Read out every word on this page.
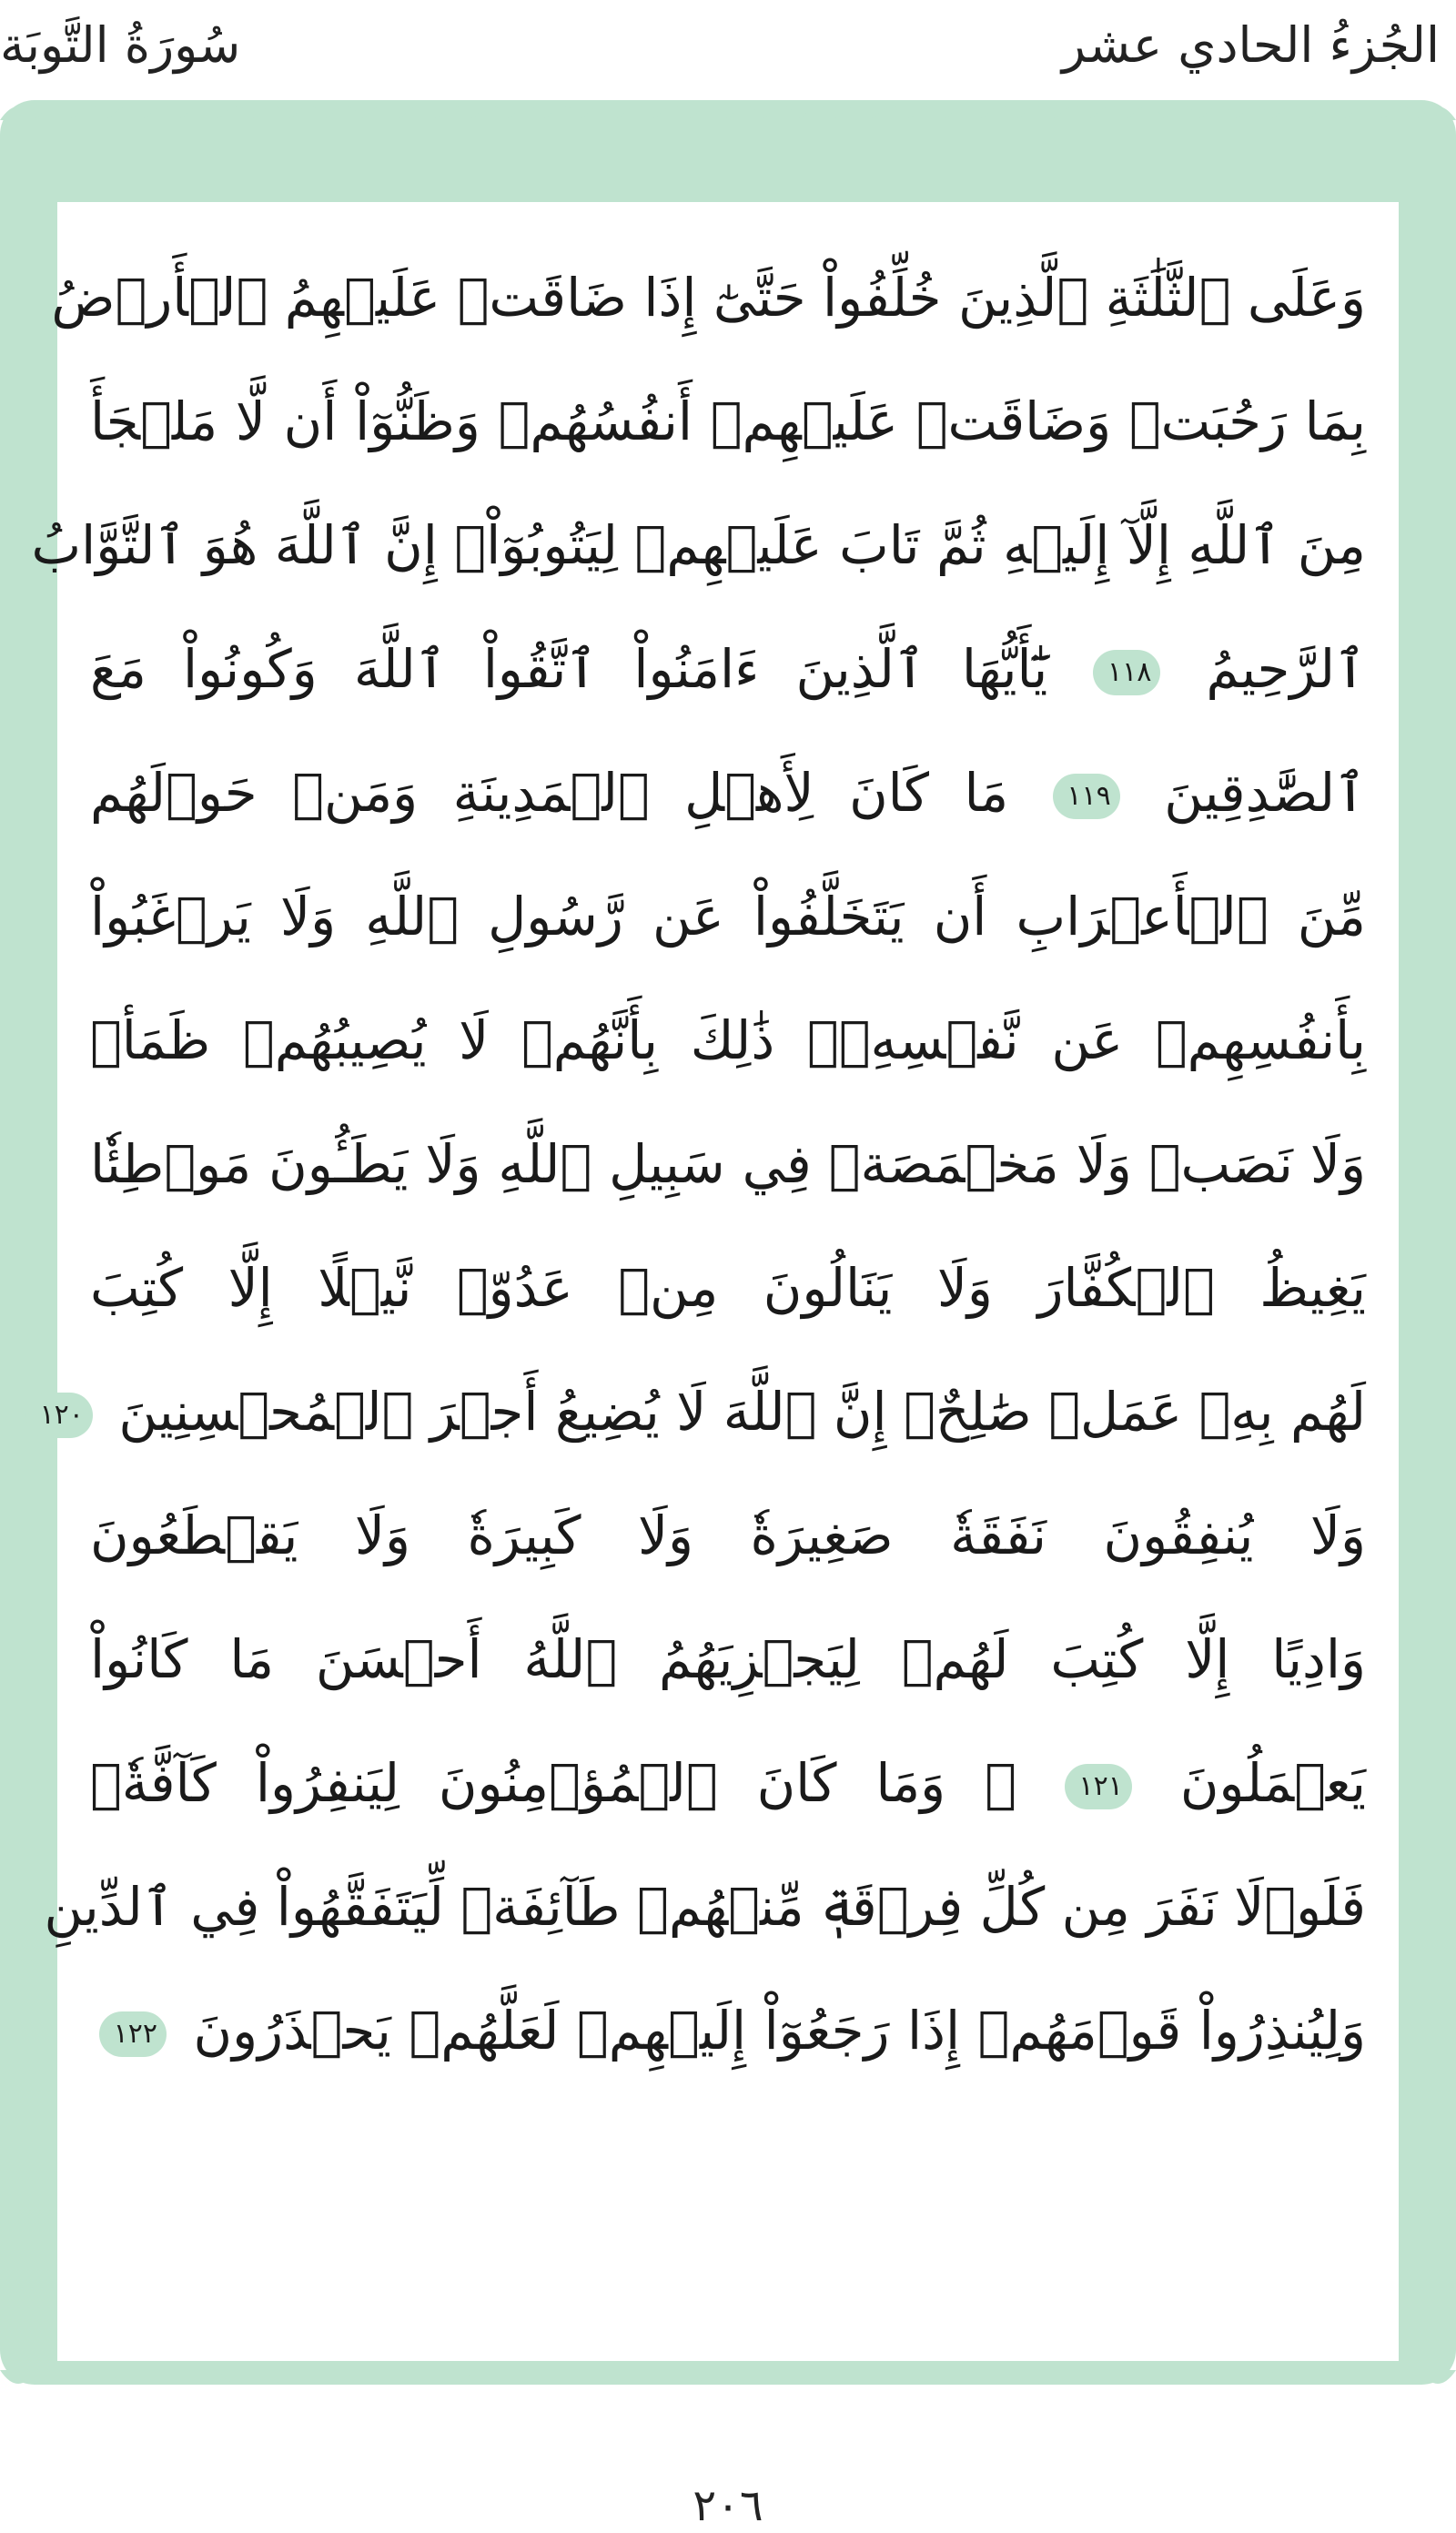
الجُزءُ الحادي عشر
سُورَةُ التَّوبَة
وَعَلَى ٱلثَّلَٰثَةِ ٱلَّذِينَ خُلِّفُواْ حَتَّىٰٓ إِذَا ضَاقَتۡ عَلَيۡهِمُ ٱلۡأَرۡضُ
بِمَا رَحُبَتۡ وَضَاقَتۡ عَلَيۡهِمۡ أَنفُسُهُمۡ وَظَنُّوٓاْ أَن لَّا مَلۡجَأَ
مِنَ ٱللَّهِ إِلَّآ إِلَيۡهِ ثُمَّ تَابَ عَلَيۡهِمۡ لِيَتُوبُوٓاْۚ إِنَّ ٱللَّهَ هُوَ ٱلتَّوَّابُ
ٱلرَّحِيمُ ١١٨ يَٰٓأَيُّهَا ٱلَّذِينَ ءَامَنُواْ ٱتَّقُواْ ٱللَّهَ وَكُونُواْ مَعَ
ٱلصَّٰدِقِينَ ١١٩ مَا كَانَ لِأَهۡلِ ٱلۡمَدِينَةِ وَمَنۡ حَوۡلَهُم
مِّنَ ٱلۡأَعۡرَابِ أَن يَتَخَلَّفُواْ عَن رَّسُولِ ٱللَّهِ وَلَا يَرۡغَبُواْ
بِأَنفُسِهِمۡ عَن نَّفۡسِهِۦۚ ذَٰلِكَ بِأَنَّهُمۡ لَا يُصِيبُهُمۡ ظَمَأٞ
وَلَا نَصَبٞ وَلَا مَخۡمَصَةٞ فِي سَبِيلِ ٱللَّهِ وَلَا يَطَـُٔونَ مَوۡطِئٗا
يَغِيظُ ٱلۡكُفَّارَ وَلَا يَنَالُونَ مِنۡ عَدُوّٖ نَّيۡلًا إِلَّا كُتِبَ
لَهُم بِهِۦ عَمَلٞ صَٰلِحٌۚ إِنَّ ٱللَّهَ لَا يُضِيعُ أَجۡرَ ٱلۡمُحۡسِنِينَ ١٢٠
وَلَا يُنفِقُونَ نَفَقَةٗ صَغِيرَةٗ وَلَا كَبِيرَةٗ وَلَا يَقۡطَعُونَ
وَادِيًا إِلَّا كُتِبَ لَهُمۡ لِيَجۡزِيَهُمُ ٱللَّهُ أَحۡسَنَ مَا كَانُواْ
يَعۡمَلُونَ ١٢١ ۞ وَمَا كَانَ ٱلۡمُؤۡمِنُونَ لِيَنفِرُواْ كَآفَّةٗۚ
فَلَوۡلَا نَفَرَ مِن كُلِّ فِرۡقَةٖ مِّنۡهُمۡ طَآئِفَةٞ لِّيَتَفَقَّهُواْ فِي ٱلدِّينِ
وَلِيُنذِرُواْ قَوۡمَهُمۡ إِذَا رَجَعُوٓاْ إِلَيۡهِمۡ لَعَلَّهُمۡ يَحۡذَرُونَ ١٢٢
٢٠٦
